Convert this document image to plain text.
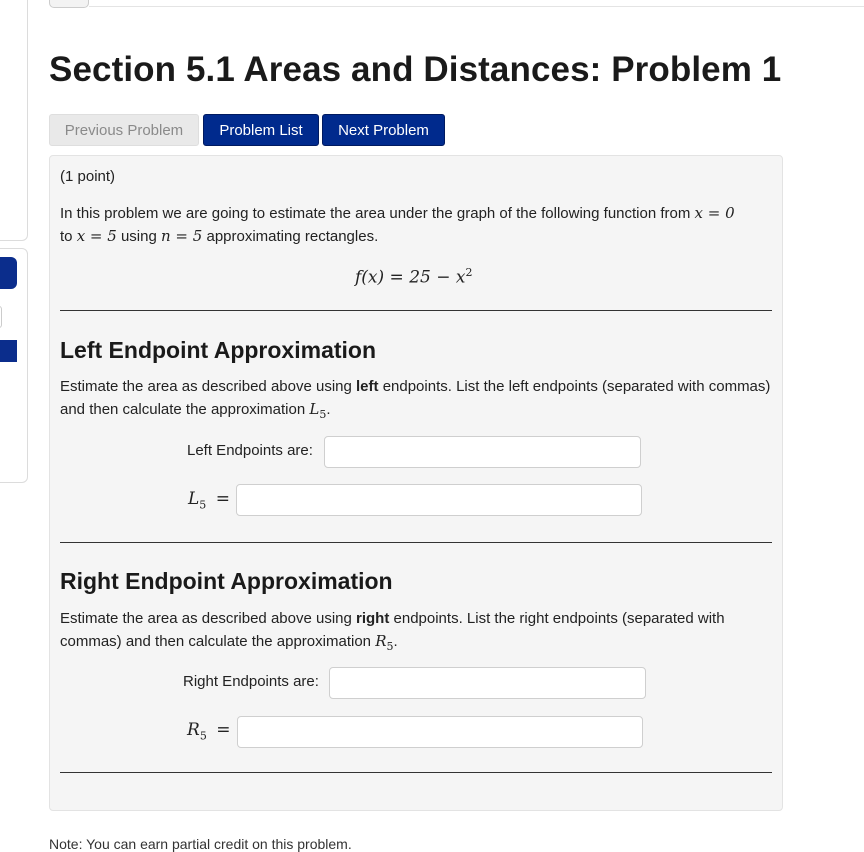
Section 5.1 Areas and Distances: Problem 1
Previous Problem	Problem List	Next Problem
(1 point)
In this problem we are going to estimate the area under the graph of the following function from x = 0
to x = 5 using n = 5 approximating rectangles.
$f(x) = 25 - x^2$
Left Endpoint Approximation
Estimate the area as described above using left endpoints. List the left endpoints (separated with commas) and then calculate the approximation $L_5$.
Left Endpoints are:
$L_5$ =
Right Endpoint Approximation
Estimate the area as described above using right endpoints. List the right endpoints (separated with commas) and then calculate the approximation $R_5$.
Right Endpoints are:
$R_5$ =
Note: You can earn partial credit on this problem.
